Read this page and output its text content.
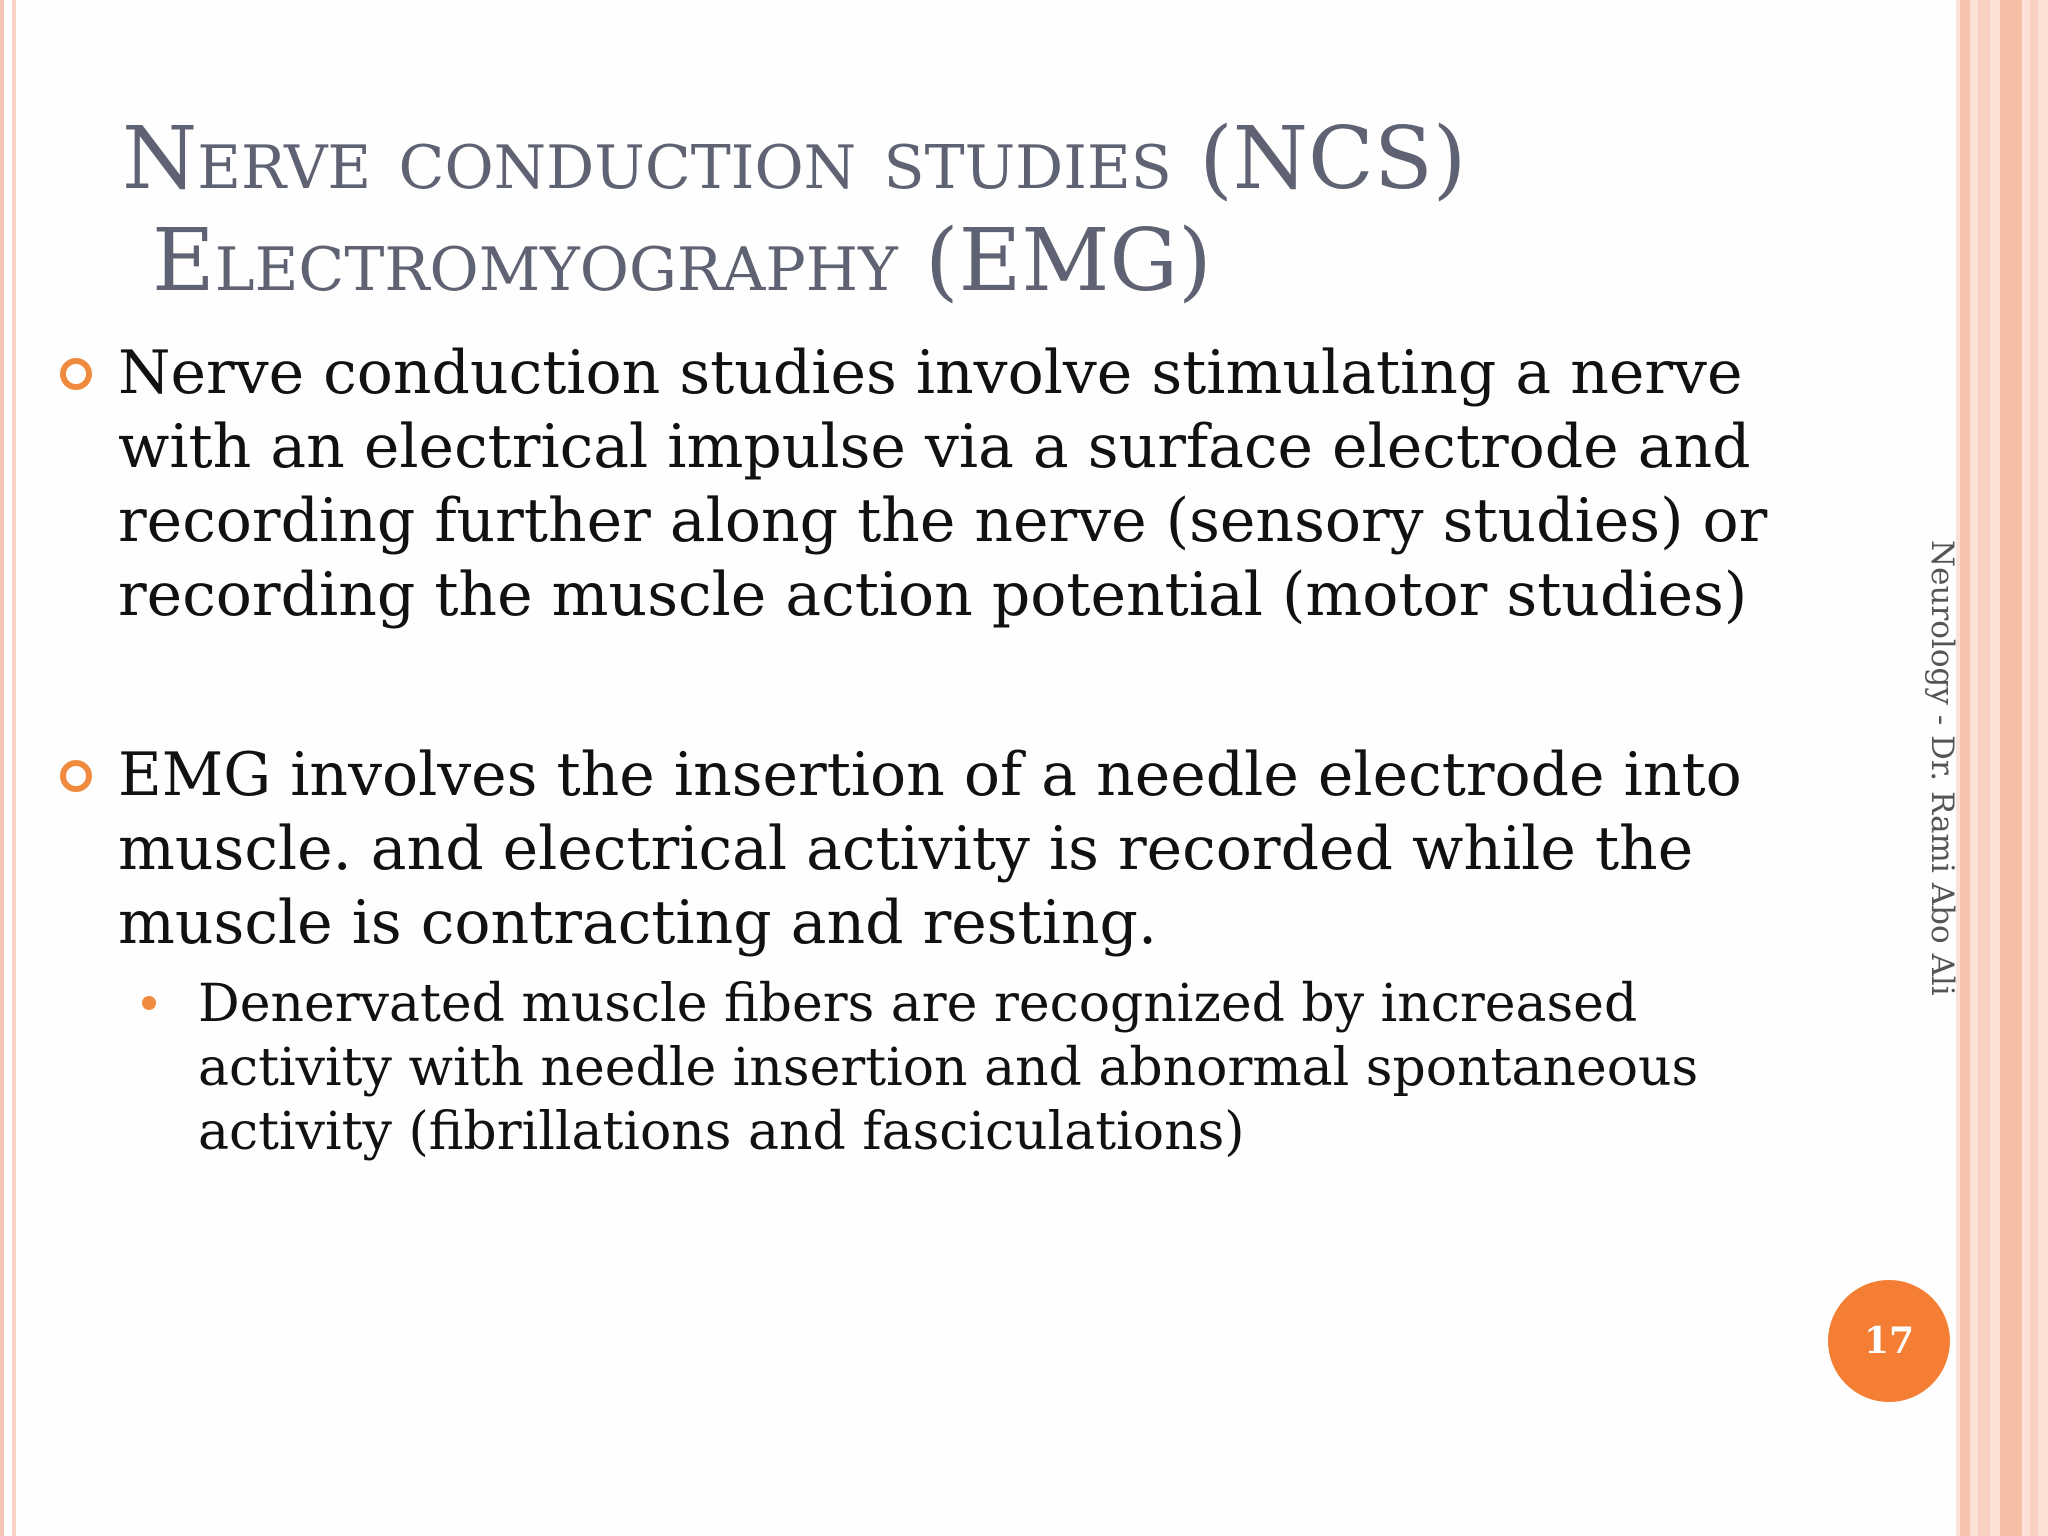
Nerve conduction studies (NCS)
Electromyography (EMG)
Nerve conduction studies involve stimulating a nerve with an electrical impulse via a surface electrode and recording further along the nerve (sensory studies) or recording the muscle action potential (motor studies)
EMG involves the insertion of a needle electrode into muscle. and electrical activity is recorded while the muscle is contracting and resting.
Denervated muscle fibers are recognized by increased activity with needle insertion and abnormal spontaneous activity (fibrillations and fasciculations)
Neurology - Dr. Rami Abo Ali
17
